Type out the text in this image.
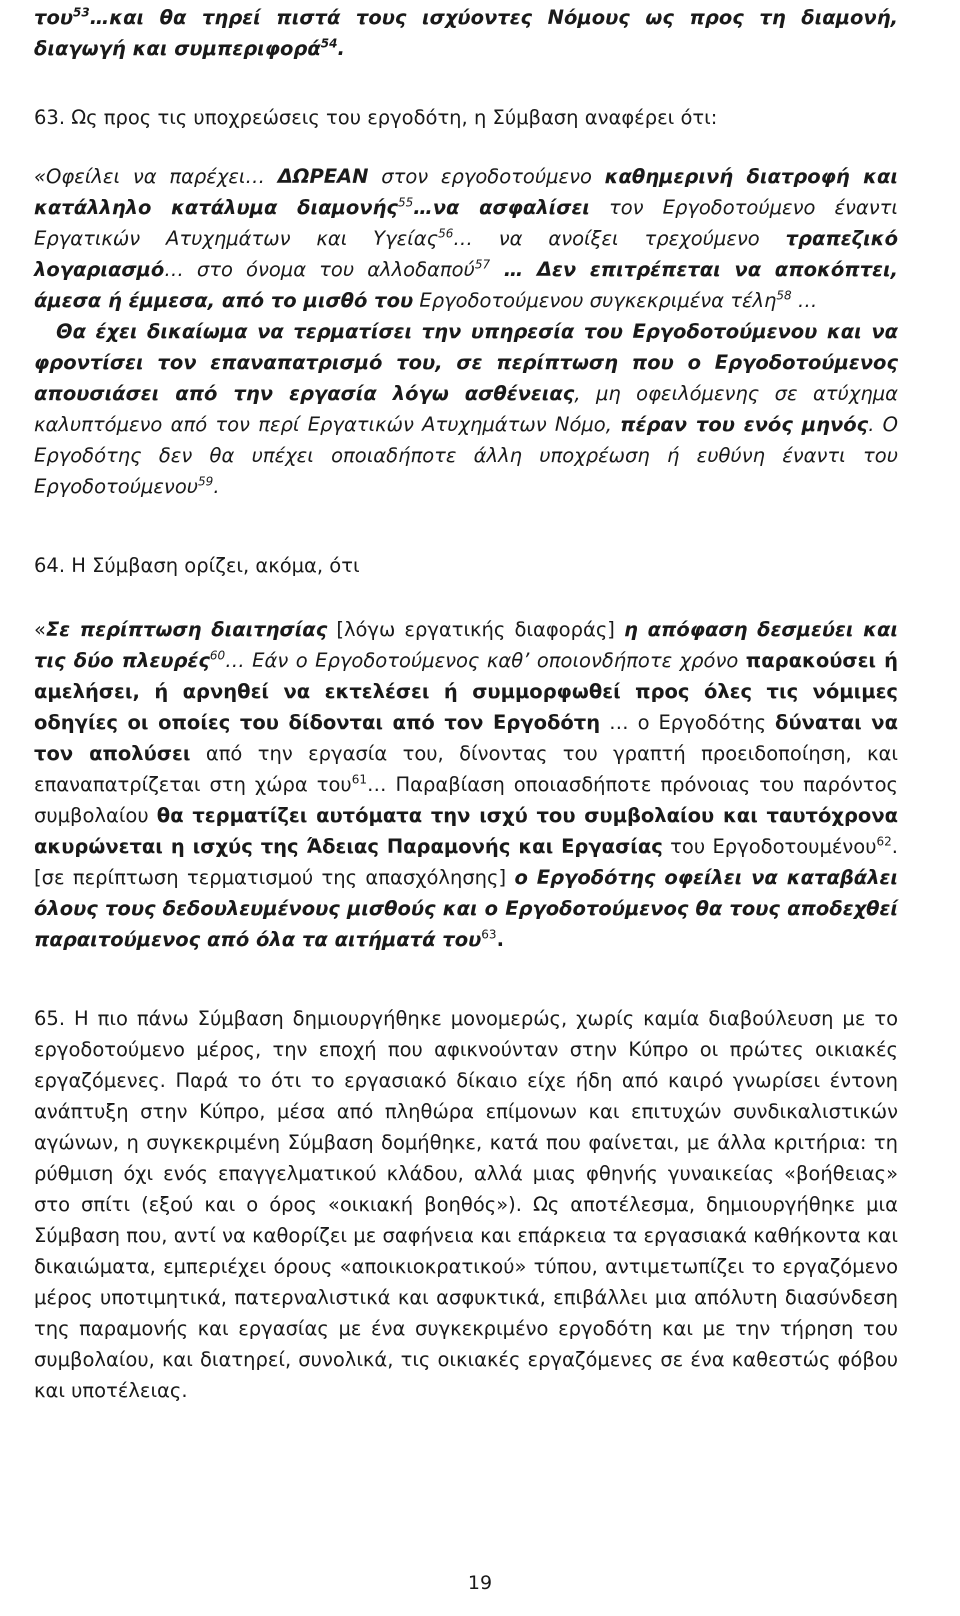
του$^{53}$…και θα τηρεί πιστά τους ισχύοντες Νόμους ως προς τη διαμονή, διαγωγή και συμπεριφορά$^{54}$.

63. Ως προς τις υποχρεώσεις του εργοδότη, η Σύμβαση αναφέρει ότι:

«Οφείλει να παρέχει… ΔΩΡΕΑΝ στον εργοδοτούμενο καθημερινή διατροφή και κατάλληλο κατάλυμα διαμονής$^{55}$…να ασφαλίσει τον Εργοδοτούμενο έναντι Εργατικών Ατυχημάτων και Υγείας$^{56}$… να ανοίξει τρεχούμενο τραπεζικό λογαριασμό… στο όνομα του αλλοδαπού$^{57}$ … Δεν επιτρέπεται να αποκόπτει, άμεσα ή έμμεσα, από το μισθό του Εργοδοτούμενου συγκεκριμένα τέλη$^{58}$ …
Θα έχει δικαίωμα να τερματίσει την υπηρεσία του Εργοδοτούμενου και να φροντίσει τον επαναπατρισμό του, σε περίπτωση που ο Εργοδοτούμενος απουσιάσει από την εργασία λόγω ασθένειας, μη οφειλόμενης σε ατύχημα καλυπτόμενο από τον περί Εργατικών Ατυχημάτων Νόμο, πέραν του ενός μηνός. Ο Εργοδότης δεν θα υπέχει οποιαδήποτε άλλη υποχρέωση ή ευθύνη έναντι του Εργοδοτούμενου$^{59}$.

64. Η Σύμβαση ορίζει, ακόμα, ότι

«Σε περίπτωση διαιτησίας [λόγω εργατικής διαφοράς] η απόφαση δεσμεύει και τις δύο πλευρές$^{60}$… Εάν ο Εργοδοτούμενος καθ’ οποιονδήποτε χρόνο παρακούσει ή αμελήσει, ή αρνηθεί να εκτελέσει ή συμμορφωθεί προς όλες τις νόμιμες οδηγίες οι οποίες του δίδονται από τον Εργοδότη … ο Εργοδότης δύναται να τον απολύσει από την εργασία του, δίνοντας του γραπτή προειδοποίηση, και επαναπατρίζεται στη χώρα του$^{61}$… Παραβίαση οποιασδήποτε πρόνοιας του παρόντος συμβολαίου θα τερματίζει αυτόματα την ισχύ του συμβολαίου και ταυτόχρονα ακυρώνεται η ισχύς της Άδειας Παραμονής και Εργασίας του Εργοδοτουμένου$^{62}$. [σε περίπτωση τερματισμού της απασχόλησης] ο Εργοδότης οφείλει να καταβάλει όλους τους δεδουλευμένους μισθούς και ο Εργοδοτούμενος θα τους αποδεχθεί παραιτούμενος από όλα τα αιτήματά του$^{63}$.

65. Η πιο πάνω Σύμβαση δημιουργήθηκε μονομερώς, χωρίς καμία διαβούλευση με το εργοδοτούμενο μέρος, την εποχή που αφικνούνταν στην Κύπρο οι πρώτες οικιακές εργαζόμενες. Παρά το ότι το εργασιακό δίκαιο είχε ήδη από καιρό γνωρίσει έντονη ανάπτυξη στην Κύπρο, μέσα από πληθώρα επίμονων και επιτυχών συνδικαλιστικών αγώνων, η συγκεκριμένη Σύμβαση δομήθηκε, κατά που φαίνεται, με άλλα κριτήρια: τη ρύθμιση όχι ενός επαγγελματικού κλάδου, αλλά μιας φθηνής γυναικείας «βοήθειας» στο σπίτι (εξού και ο όρος «οικιακή βοηθός»). Ως αποτέλεσμα, δημιουργήθηκε μια Σύμβαση που, αντί να καθορίζει με σαφήνεια και επάρκεια τα εργασιακά καθήκοντα και δικαιώματα, εμπεριέχει όρους «αποικιοκρατικού» τύπου, αντιμετωπίζει το εργαζόμενο μέρος υποτιμητικά, πατερναλιστικά και ασφυκτικά, επιβάλλει μια απόλυτη διασύνδεση της παραμονής και εργασίας με ένα συγκεκριμένο εργοδότη και με την τήρηση του συμβολαίου, και διατηρεί, συνολικά, τις οικιακές εργαζόμενες σε ένα καθεστώς φόβου και υποτέλειας.

19
